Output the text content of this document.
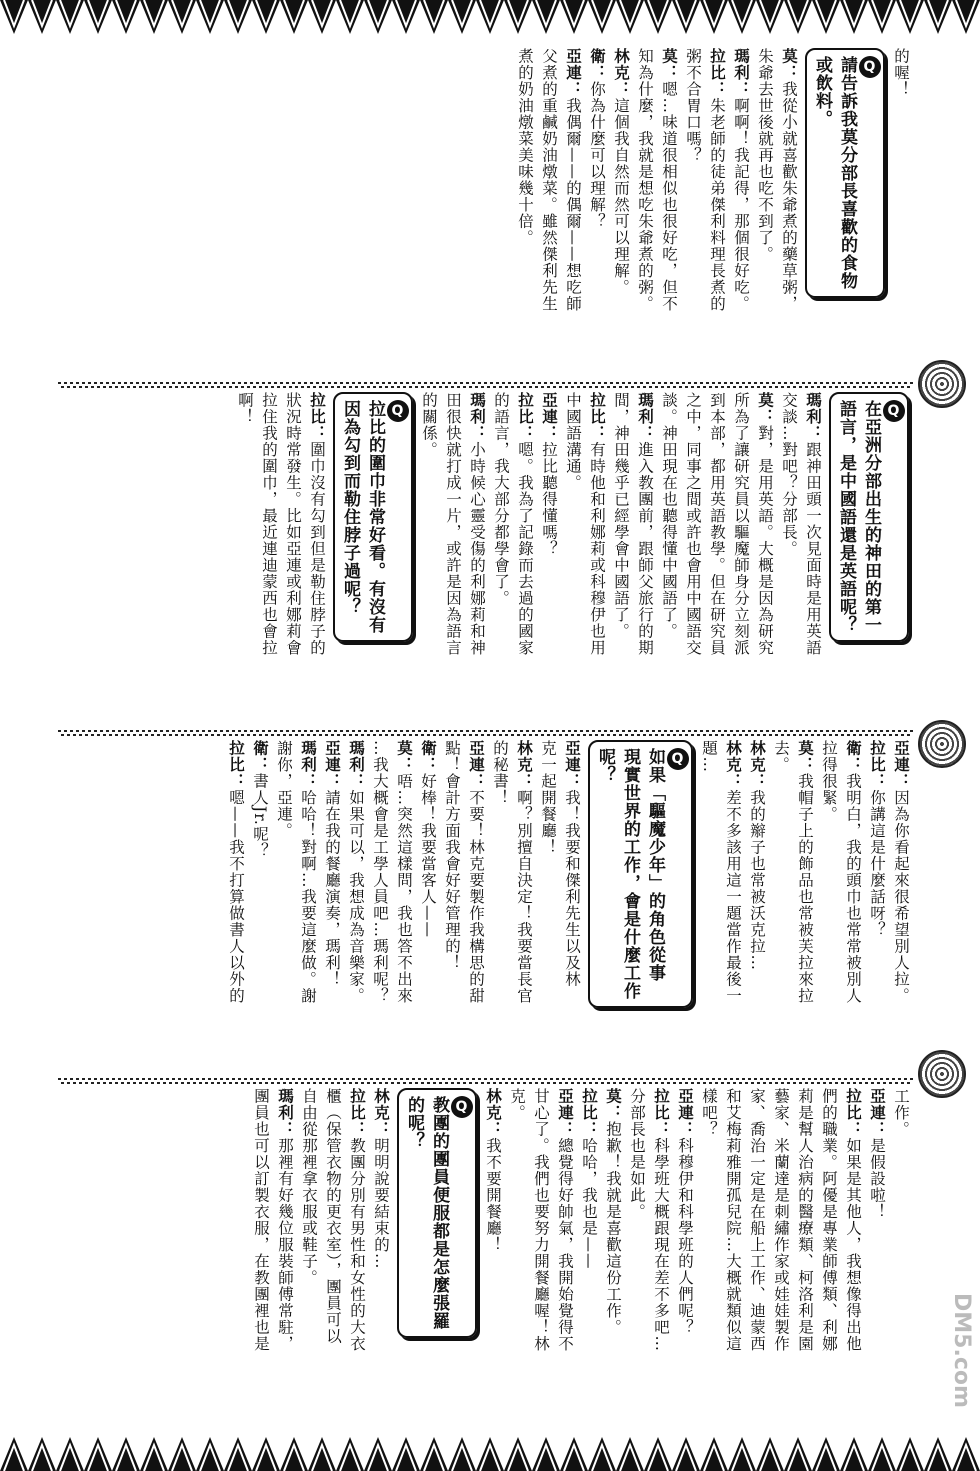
的喔！
Q
請告訴我莫分部長喜歡的食物
或飲料。
莫：我從小就喜歡朱爺煮的藥草粥，
朱爺去世後就再也吃不到了。
瑪利：啊啊！我記得，那個很好吃。
拉比：朱老師的徒弟傑利料理長煮的
粥不合胃口嗎？
莫：嗯…味道很相似也很好吃，但不
知為什麼，我就是想吃朱爺煮的粥。
林克：這個我自然而然可以理解。
衛：你為什麼可以理解？
亞連：我偶爾——的偶爾——想吃師
父煮的重鹹奶油燉菜。雖然傑利先生
煮的奶油燉菜美味幾十倍。
Q
在亞洲分部出生的神田的第一
語言，是中國語還是英語呢？
瑪利：跟神田頭一次見面時是用英語
交談…對吧？分部長。
莫：對，是用英語。大概是因為研究
所為了讓研究員以驅魔師身分立刻派
到本部，都用英語教學。但在研究員
之中，同事之間或許也會用中國語交
談。神田現在也聽得懂中國語了。
瑪利：進入教團前，跟師父旅行的期
間，神田幾乎已經學會中國語了。
拉比：有時他和利娜莉或科穆伊也用
中國語溝通。
亞連：拉比聽得懂嗎？
拉比：嗯。我為了記錄而去過的國家
的語言，我大部分都學會了。
瑪利：小時候心靈受傷的利娜莉和神
田很快就打成一片，或許是因為語言
的關係。
Q
拉比的圍巾非常好看。有沒有
因為勾到而勒住脖子過呢？
拉比：圍巾沒有勾到但是勒住脖子的
狀況時常發生。比如亞連或利娜莉會
拉住我的圍巾，最近連迪蒙西也會拉
啊！
亞連：因為你看起來很希望別人拉。
拉比：你講這是什麼話呀？
衛：我明白，我的頭巾也常常被別人
拉得很緊。
莫：我帽子上的飾品也常被芙拉來拉
去。
林克：我的辮子也常被沃克拉…
林克：差不多該用這一題當作最後一
題…
Q
如果「驅魔少年」的角色從事
現實世界的工作，會是什麼工作
呢？
亞連：我！我要和傑利先生以及林
克一起開餐廳！
林克：啊？別擅自決定！我要當長官
的秘書！
亞連：不要！林克要製作我構思的甜
點！會計方面我會好好管理的！
衛：好棒！我要當客人——
莫：唔…突然這樣問，我也答不出來
…我大概會是工學人員吧…瑪利呢？
瑪利：如果可以，我想成為音樂家。
亞連：請在我的餐廳演奏，瑪利！
瑪利：哈哈！對啊…我要這麼做。謝
謝你，亞連。
衛：書人Jr.呢？
拉比：嗯——我不打算做書人以外的
工作。
亞連：是假設啦！
拉比：如果是其他人，我想像得出他
們的職業。阿優是專業師傅類、利娜
莉是幫人治病的醫療類、柯洛利是園
藝家、米蘭達是刺繡作家或娃娃製作
家、喬治一定是在船上工作、迪蒙西
和艾梅莉雅開孤兒院…大概就類似這
樣吧？
亞連：科穆伊和科學班的人們呢？
拉比：科學班大概跟現在差不多吧…
分部長也是如此。
莫：抱歉！我就是喜歡這份工作。
拉比：哈哈，我也是——
亞連：總覺得好帥氣，我開始覺得不
甘心了。我們也要努力開餐廳喔！林
克。
林克：我不要開餐廳！
Q
教團的團員便服都是怎麼張羅
的呢？
林克：明明說要結束的…
拉比：教團分別有男性和女性的大衣
櫃（保管衣物的更衣室），團員可以
自由從那裡拿衣服或鞋子。
瑪利：那裡有好幾位服裝師傅常駐，
團員也可以訂製衣服，在教團裡也是	DM5.com
